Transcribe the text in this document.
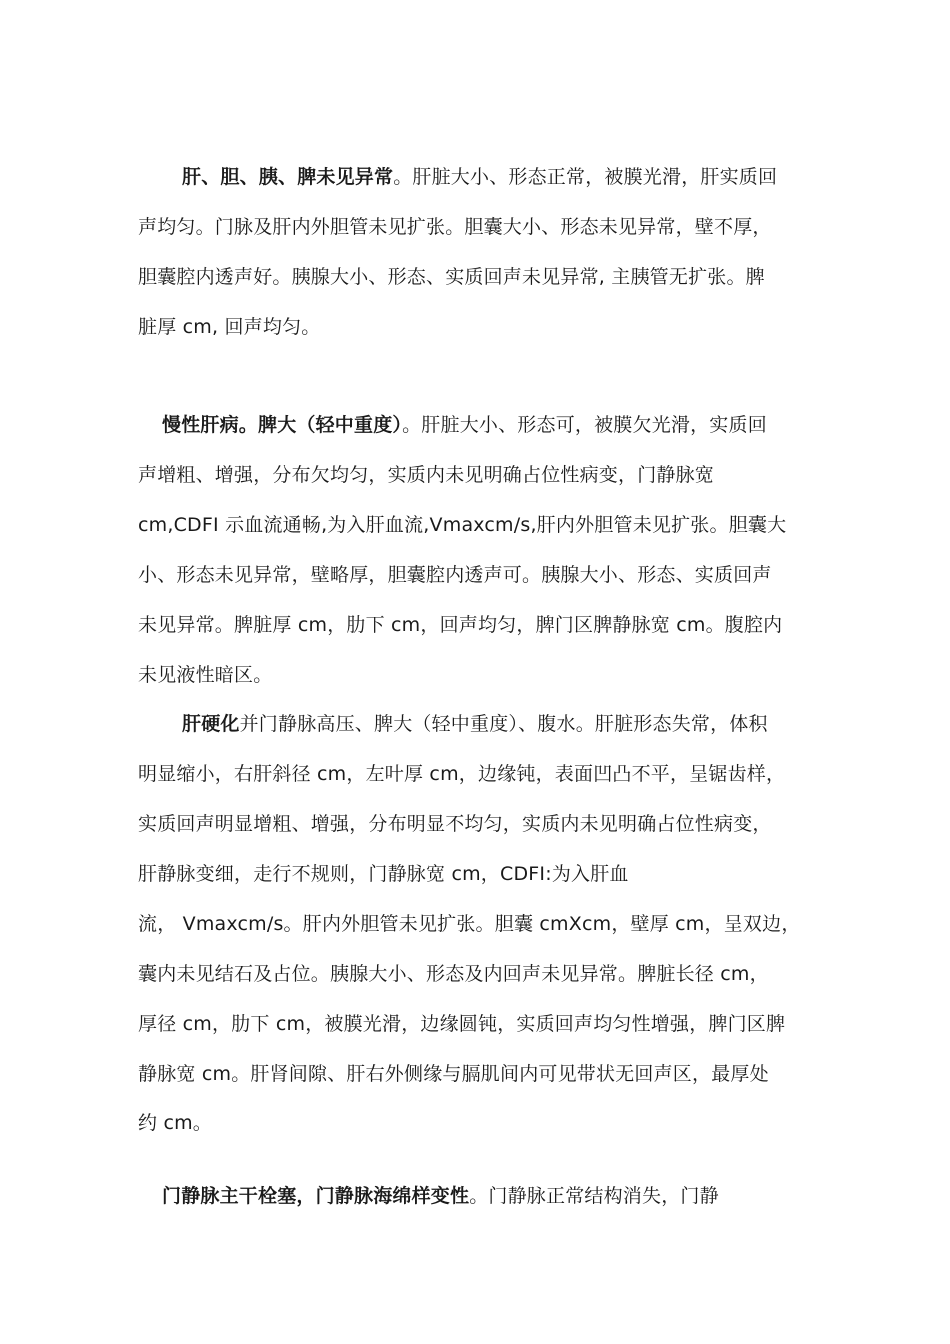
肝、胆、胰、脾未见异常。肝脏大小、形态正常，被膜光滑，肝实质回
声均匀。门脉及肝内外胆管未见扩张。胆囊大小、形态未见异常，壁不厚，
胆囊腔内透声好。胰腺大小、形态、实质回声未见异常, 主胰管无扩张。脾
脏厚 cm, 回声均匀。
慢性肝病。脾大（轻中重度）。肝脏大小、形态可，被膜欠光滑，实质回
声增粗、增强，分布欠均匀，实质内未见明确占位性病变，门静脉宽
cm,CDFI 示血流通畅,为入肝血流,Vmaxcm/s,肝内外胆管未见扩张。胆囊大
小、形态未见异常，壁略厚，胆囊腔内透声可。胰腺大小、形态、实质回声
未见异常。脾脏厚 cm，肋下 cm，回声均匀，脾门区脾静脉宽 cm。腹腔内
未见液性暗区。
肝硬化并门静脉高压、脾大（轻中重度）、腹水。肝脏形态失常，体积
明显缩小，右肝斜径 cm，左叶厚 cm，边缘钝，表面凹凸不平，呈锯齿样，
实质回声明显增粗、增强，分布明显不均匀，实质内未见明确占位性病变，
肝静脉变细，走行不规则，门静脉宽 cm，CDFI:为入肝血
流， Vmaxcm/s。肝内外胆管未见扩张。胆囊 cmXcm，壁厚 cm，呈双边，
囊内未见结石及占位。胰腺大小、形态及内回声未见异常。脾脏长径 cm，
厚径 cm，肋下 cm，被膜光滑，边缘圆钝，实质回声均匀性增强，脾门区脾
静脉宽 cm。肝肾间隙、肝右外侧缘与膈肌间内可见带状无回声区，最厚处
约 cm。
门静脉主干栓塞，门静脉海绵样变性。门静脉正常结构消失，门静
